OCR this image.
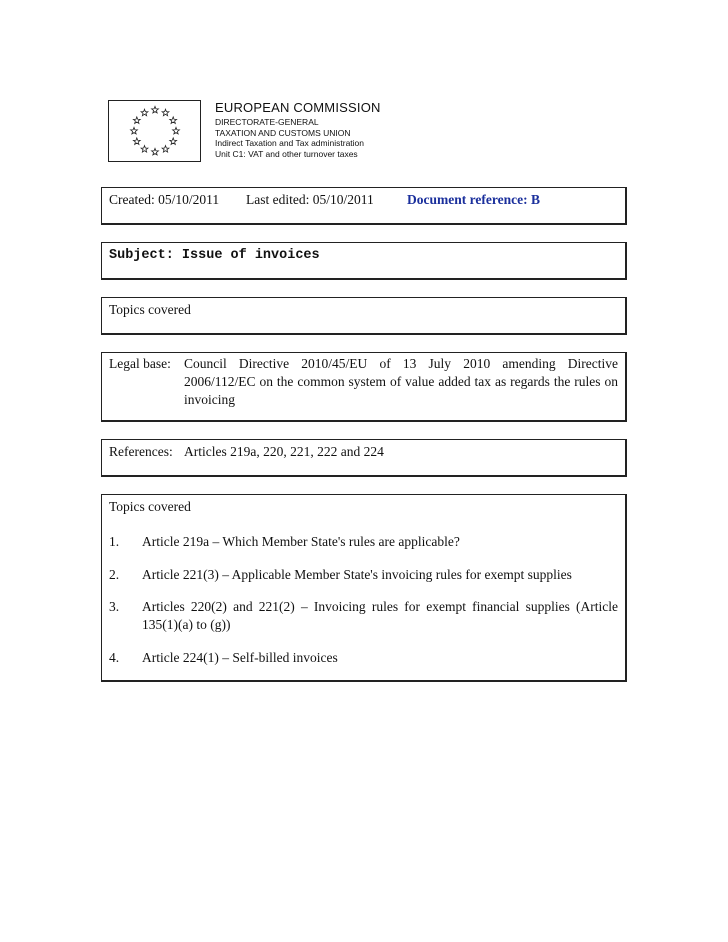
EUROPEAN COMMISSION
DIRECTORATE-GENERAL
TAXATION AND CUSTOMS UNION
Indirect Taxation and Tax administration
Unit C1: VAT and other turnover taxes
Created: 05/10/2011 Last edited: 05/10/2011 Document reference: B
Subject: Issue of invoices
Topics covered
Legal base: Council Directive 2010/45/EU of 13 July 2010 amending Directive 2006/112/EC on the common system of value added tax as regards the rules on invoicing
References: Articles 219a, 220, 221, 222 and 224
Topics covered
1. Article 219a – Which Member State's rules are applicable?
2. Article 221(3) – Applicable Member State's invoicing rules for exempt supplies
3. Articles 220(2) and 221(2) – Invoicing rules for exempt financial supplies (Article 135(1)(a) to (g))
4. Article 224(1) – Self-billed invoices
